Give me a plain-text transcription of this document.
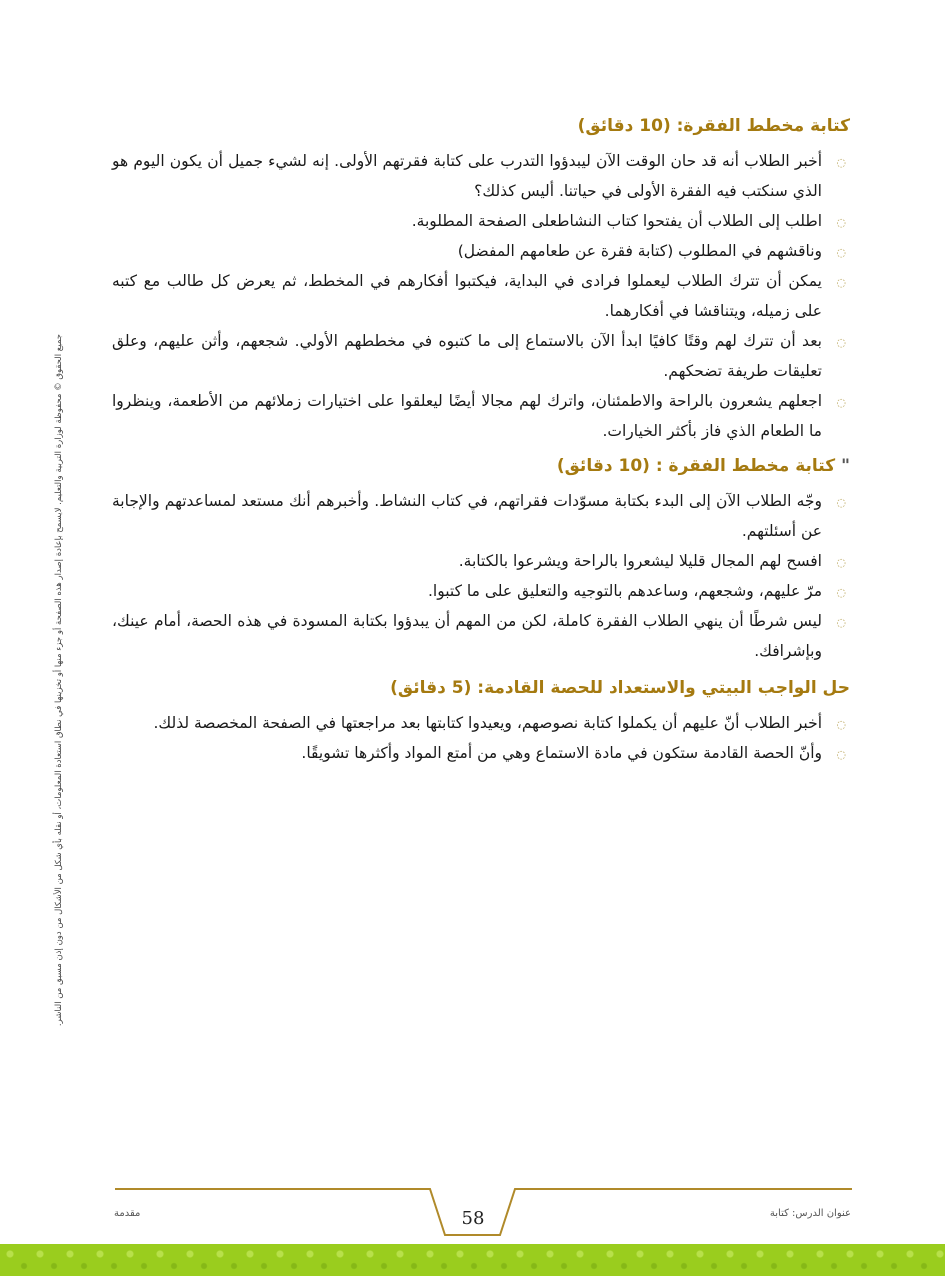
جميع الحقوق © محفوظة لوزارة التربية والتعليم. لايسمح بإعادة إصدار هذه الصفحة أو جزء منها أو تخزينها في نطاق استعادة المعلومات، أو نقله بأي شكل من الأشكال من دون إذن مسبق من الناشر.
كتابة مخطط الفقرة: (10 دقائق)
◌
أخبر الطلاب أنه قد حان الوقت الآن ليبدؤوا التدرب على كتابة فقرتهم الأولى. إنه لشيء جميل أن يكون اليوم هو الذي سنكتب فيه الفقرة الأولى في حياتنا. أليس كذلك؟
◌
اطلب إلى الطلاب أن يفتحوا كتاب النشاطعلى الصفحة المطلوبة.
◌
وناقشهم في المطلوب (كتابة فقرة عن طعامهم المفضل)
◌
يمكن أن تترك الطلاب ليعملوا فرادى في البداية، فيكتبوا أفكارهم في المخطط، ثم يعرض كل طالب مع كتبه على زميله، ويتناقشا في أفكارهما.
◌
بعد أن تترك لهم وقتًا كافيًا ابدأ الآن بالاستماع إلى ما كتبوه في مخططهم الأولي. شجعهم، وأثن عليهم، وعلق تعليقات طريفة تضحكهم.
◌
اجعلهم يشعرون بالراحة والاطمئنان، واترك لهم مجالا أيضًا ليعلقوا على اختيارات زملائهم من الأطعمة، وينظروا ما الطعام الذي فاز بأكثر الخيارات.
"كتابة مخطط الفقرة : (10 دقائق)
◌
وجّه الطلاب الآن إلى البدء بكتابة مسوّدات فقراتهم، في كتاب النشاط. وأخبرهم أنك مستعد لمساعدتهم والإجابة عن أسئلتهم.
◌
افسح لهم المجال قليلا ليشعروا بالراحة ويشرعوا بالكتابة.
◌
مرّ عليهم، وشجعهم، وساعدهم بالتوجيه والتعليق على ما كتبوا.
◌
ليس شرطًا أن ينهي الطلاب الفقرة كاملة، لكن من المهم أن يبدؤوا بكتابة المسودة في هذه الحصة، أمام عينك، وبإشرافك.
حل الواجب البيتي والاستعداد للحصة القادمة: (5 دقائق)
◌
أخبر الطلاب أنّ عليهم أن يكملوا كتابة نصوصهم، ويعيدوا كتابتها بعد مراجعتها في الصفحة المخصصة لذلك.
◌
وأنّ الحصة القادمة ستكون في مادة الاستماع وهي من أمتع المواد وأكثرها تشويقًا.
58
مقدمة	عنوان الدرس: كتابة
